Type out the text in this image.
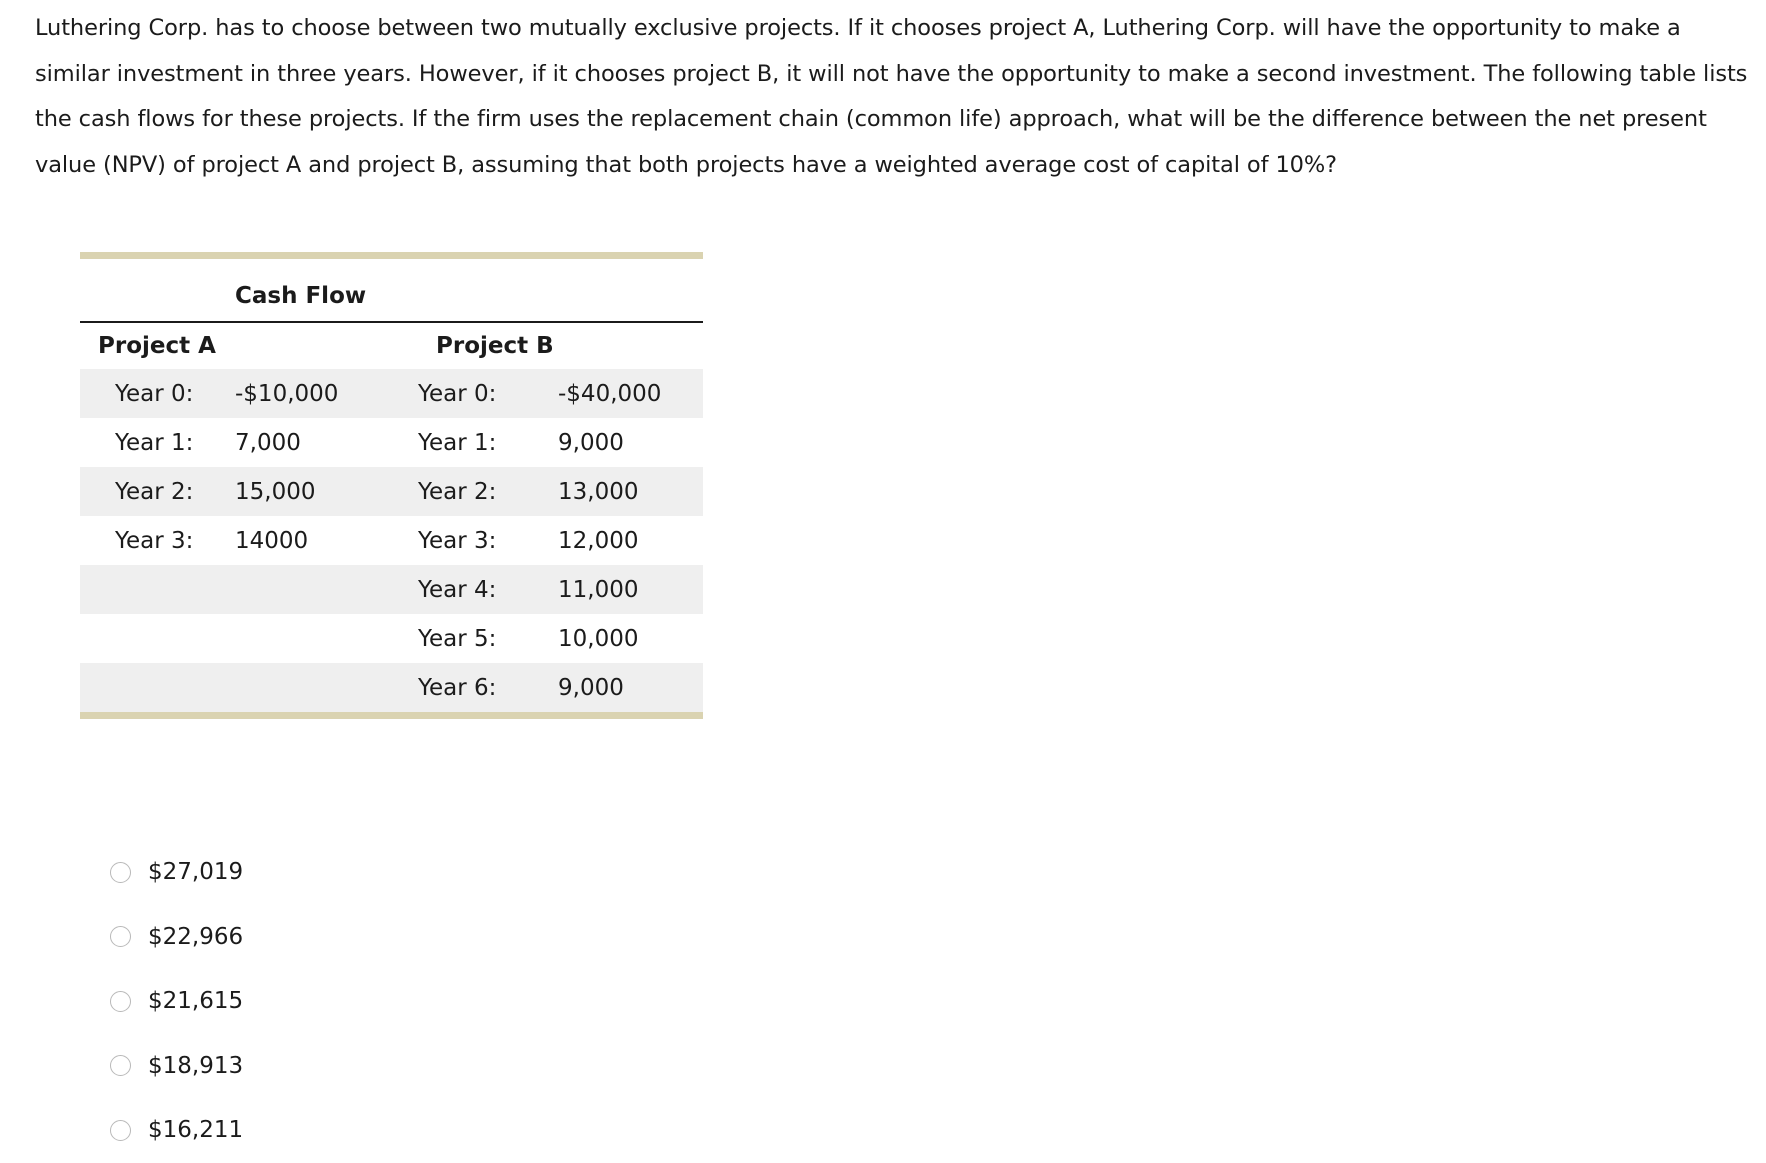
Luthering Corp. has to choose between two mutually exclusive projects. If it chooses project A, Luthering Corp. will have the opportunity to make a similar investment in three years. However, if it chooses project B, it will not have the opportunity to make a second investment. The following table lists the cash flows for these projects. If the firm uses the replacement chain (common life) approach, what will be the difference between the net present value (NPV) of project A and project B, assuming that both projects have a weighted average cost of capital of 10%?

	Cash Flow		
Project A		Project B	
Year 0:	-$10,000	Year 0:	-$40,000
Year 1:	7,000	Year 1:	9,000
Year 2:	15,000	Year 2:	13,000
Year 3:	14000	Year 3:	12,000
		Year 4:	11,000
		Year 5:	10,000
		Year 6:	9,000

$27,019
$22,966
$21,615
$18,913
$16,211
